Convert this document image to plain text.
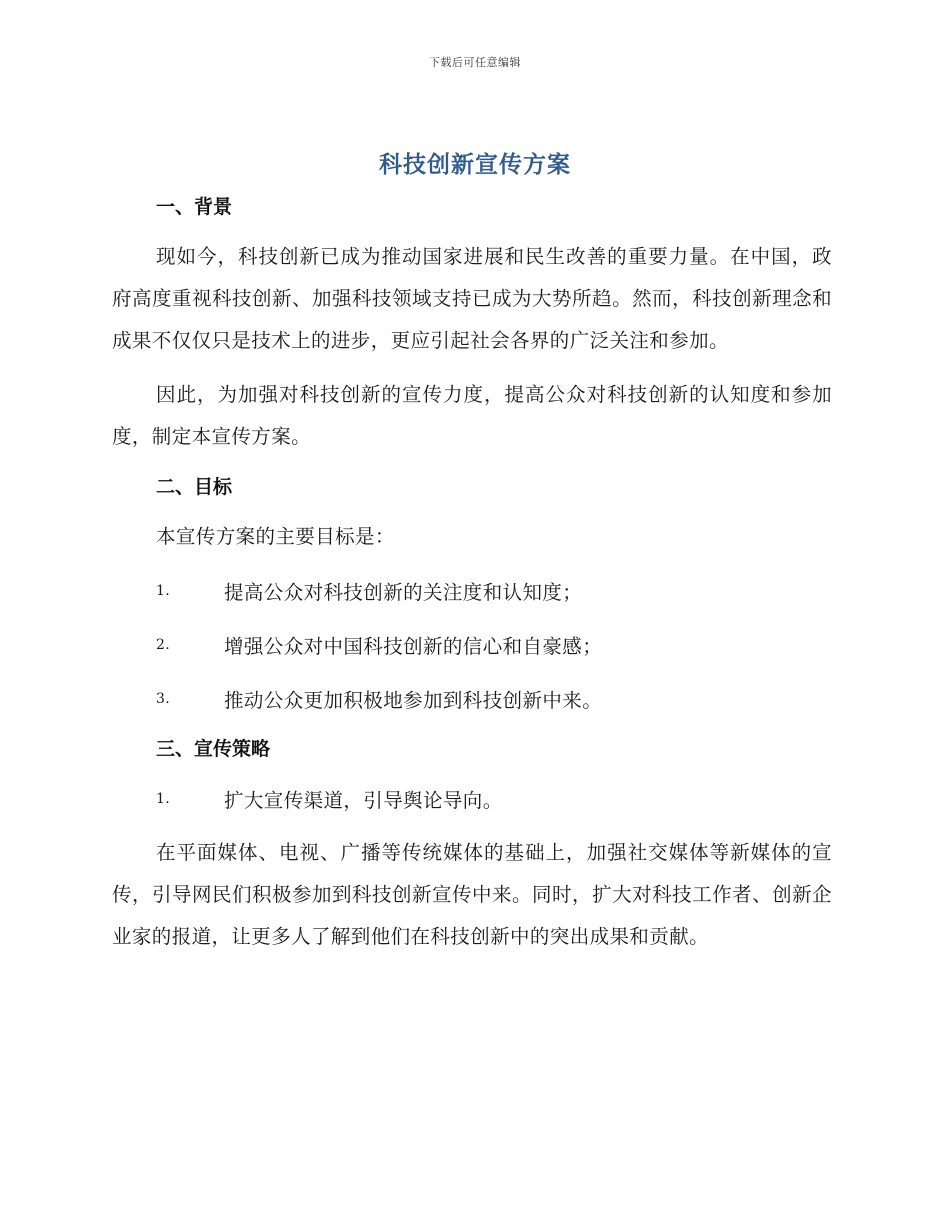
下载后可任意编辑
科技创新宣传方案
一、背景

现如今，科技创新已成为推动国家进展和民生改善的重要力量。在中国，政府高度重视科技创新、加强科技领域支持已成为大势所趋。然而，科技创新理念和成果不仅仅只是技术上的进步，更应引起社会各界的广泛关注和参加。

因此，为加强对科技创新的宣传力度，提高公众对科技创新的认知度和参加度，制定本宣传方案。

二、目标

本宣传方案的主要目标是：

1.	提高公众对科技创新的关注度和认知度；
2.	增强公众对中国科技创新的信心和自豪感；
3.	推动公众更加积极地参加到科技创新中来。
三、宣传策略
1.	扩大宣传渠道，引导舆论导向。

在平面媒体、电视、广播等传统媒体的基础上，加强社交媒体等新媒体的宣传，引导网民们积极参加到科技创新宣传中来。同时，扩大对科技工作者、创新企业家的报道，让更多人了解到他们在科技创新中的突出成果和贡献。
